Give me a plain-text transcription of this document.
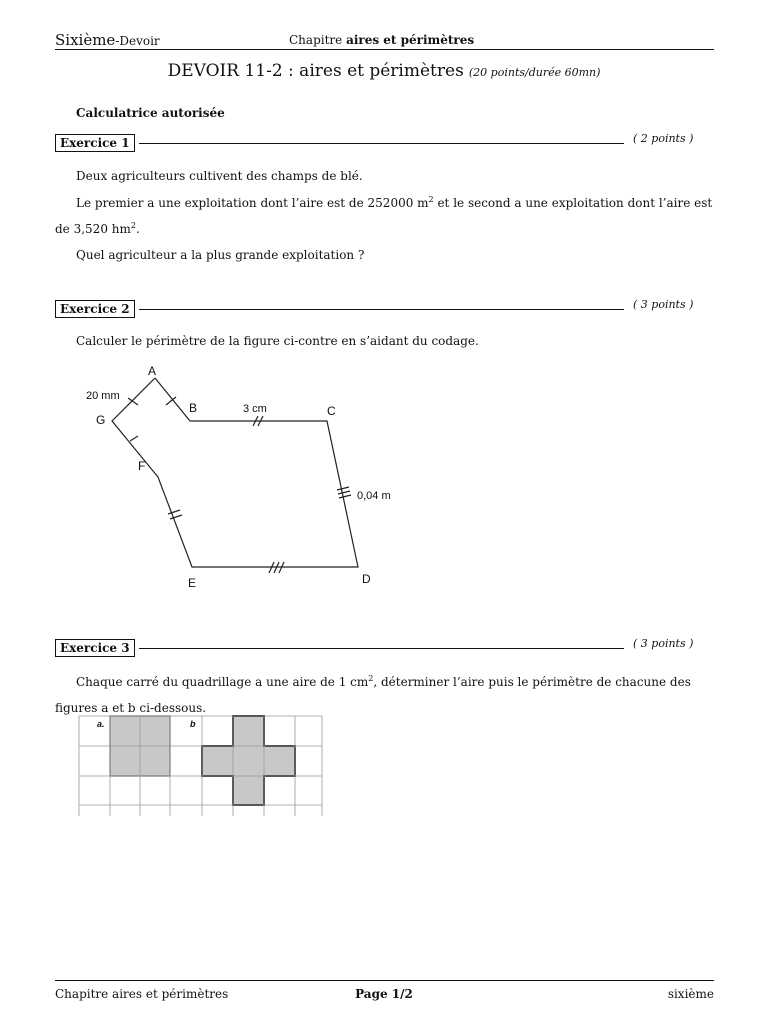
Sixième-Devoir	Chapitre aires et périmètres
DEVOIR 11-2 : aires et périmètres (20 points/durée 60mn)
Calculatrice autorisée
Exercice 1	( 2 points )
Deux agriculteurs cultivent des champs de blé.
Le premier a une exploitation dont l’aire est de 252000 $m^2$ et le second a une exploitation dont l’aire est
de 3,520 $hm^2$.
Quel agriculteur a la plus grande exploitation ?
Exercice 2	( 3 points )
Calculer le périmètre de la figure ci-contre en s’aidant du codage.
A
B	C
D
E
F
G
20 mm
3 cm
0,04 m
Exercice 3	( 3 points )
Chaque carré du quadrillage a une aire de 1 $cm^2$, déterminer l’aire puis le périmètre de chacune des
figures a et b ci-dessous.
a.	b
Chapitre aires et périmètres	Page 1/2	sixième
